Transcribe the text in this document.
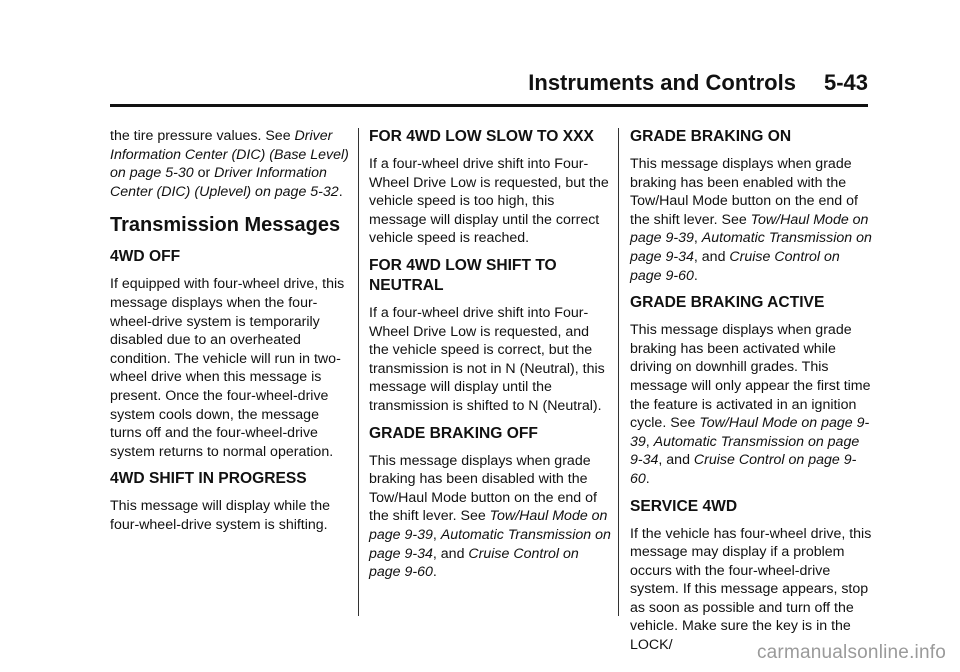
Instruments and Controls 5-43

the tire pressure values. See Driver Information Center (DIC) (Base Level) on page 5-30 or Driver Information Center (DIC) (Uplevel) on page 5-32.

Transmission Messages
4WD OFF

If equipped with four-wheel drive, this message displays when the four-wheel-drive system is temporarily disabled due to an overheated condition. The vehicle will run in two-wheel drive when this message is present. Once the four-wheel-drive system cools down, the message turns off and the four-wheel-drive system returns to normal operation.

4WD SHIFT IN PROGRESS

This message will display while the four-wheel-drive system is shifting.

FOR 4WD LOW SLOW TO XXX

If a four-wheel drive shift into Four-Wheel Drive Low is requested, but the vehicle speed is too high, this message will display until the correct vehicle speed is reached.

FOR 4WD LOW SHIFT TO NEUTRAL

If a four-wheel drive shift into Four-Wheel Drive Low is requested, and the vehicle speed is correct, but the transmission is not in N (Neutral), this message will display until the transmission is shifted to N (Neutral).

GRADE BRAKING OFF

This message displays when grade braking has been disabled with the Tow/Haul Mode button on the end of the shift lever. See Tow/Haul Mode on page 9-39, Automatic Transmission on page 9-34, and Cruise Control on page 9-60.

GRADE BRAKING ON

This message displays when grade braking has been enabled with the Tow/Haul Mode button on the end of the shift lever. See Tow/Haul Mode on page 9-39, Automatic Transmission on page 9-34, and Cruise Control on page 9-60.

GRADE BRAKING ACTIVE

This message displays when grade braking has been activated while driving on downhill grades. This message will only appear the first time the feature is activated in an ignition cycle. See Tow/Haul Mode on page 9-39, Automatic Transmission on page 9-34, and Cruise Control on page 9-60.

SERVICE 4WD

If the vehicle has four-wheel drive, this message may display if a problem occurs with the four-wheel-drive system. If this message appears, stop as soon as possible and turn off the vehicle. Make sure the key is in the LOCK/	carmanualsonline.info
